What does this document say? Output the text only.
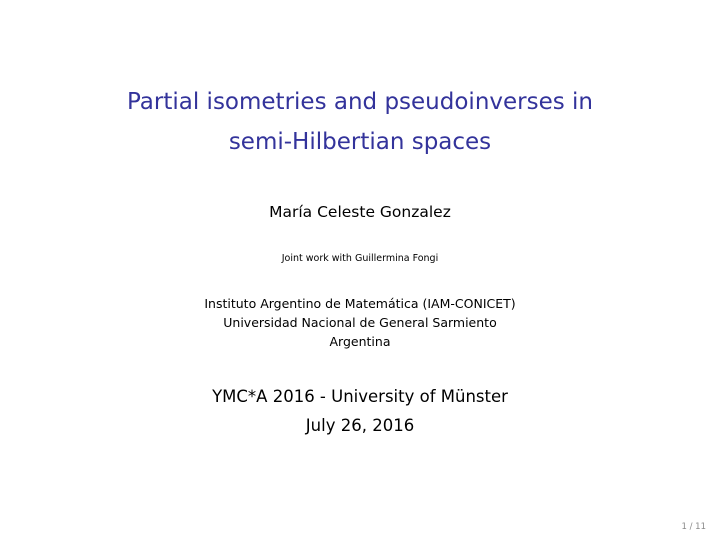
Partial isometries and pseudoinverses in
semi-Hilbertian spaces
María Celeste Gonzalez
Joint work with Guillermina Fongi
Instituto Argentino de Matemática (IAM-CONICET)
Universidad Nacional de General Sarmiento
Argentina
YMC*A 2016 - University of Münster
July 26, 2016
1 / 11
